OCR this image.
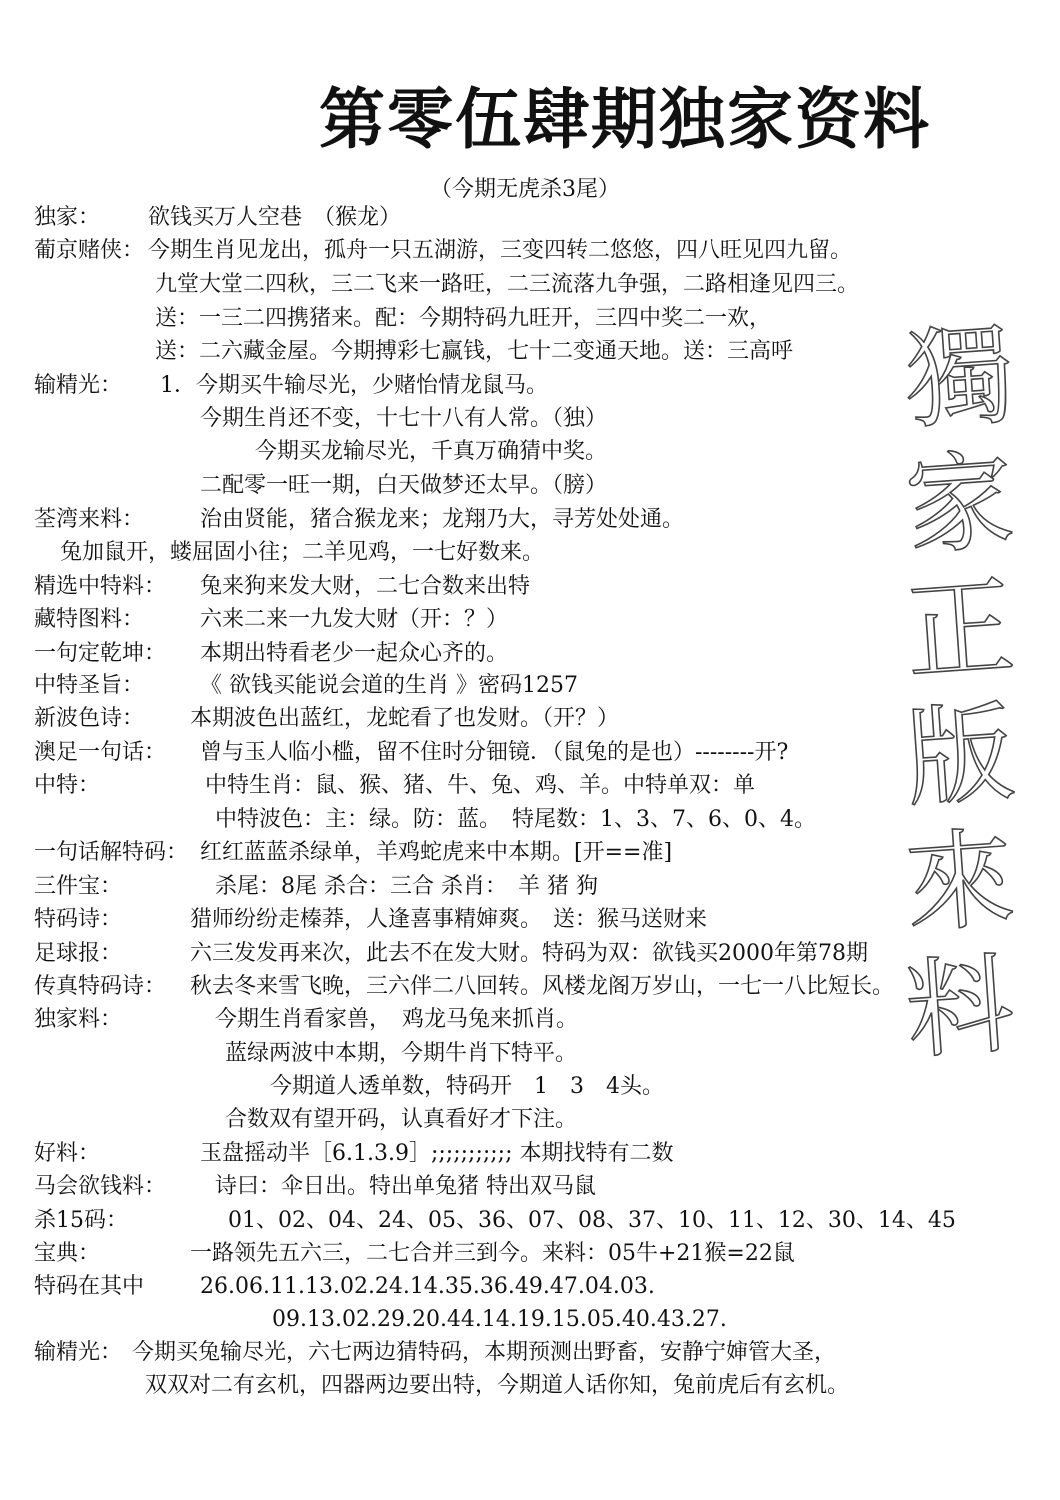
第零伍肆期独家资料
（今期无虎杀3尾）
獨
家
正
版
來
料
独家： 欲钱买万人空巷　（猴龙）
葡京赌侠： 今期生肖见龙出，孤舟一只五湖游，三变四转二悠悠，四八旺见四九留。
九堂大堂二四秋，三二飞来一路旺，二三流落九争强，二路相逢见四三。
送：一三二四携猪来。配：今期特码九旺开，三四中奖二一欢，
送：二六藏金屋。今期搏彩七赢钱，七十二变通天地。送：三高呼
输精光： 1．今期买牛输尽光，少赌怡情龙鼠马。
今期生肖还不变，十七十八有人常。（独）
今期买龙输尽光，千真万确猜中奖。
二配零一旺一期，白天做梦还太早。（膀）
荃湾来料：	治由贤能，猪合猴龙来；龙翔乃大，寻芳处处通。
兔加鼠开，蝼屈固小往；二羊见鸡，一七好数来。
精选中特料： 兔来狗来发大财，二七合数来出特
藏特图料：	六来二来一九发大财（开：？）
一句定乾坤： 本期出特看老少一起众心齐的。
中特圣旨：	《 欲钱买能说会道的生肖 》密码1257
新波色诗： 本期波色出蓝红，龙蛇看了也发财。（开？）
澳足一句话： 曾与玉人临小槛，留不住时分钿镜．（鼠兔的是也）--------开?
中特：	中特生肖：鼠、猴、猪、牛、兔、鸡、羊。中特单双：单
中特波色：主：绿。防：蓝。　特尾数：1、3、7、6、0、4。
一句话解特码： 红红蓝蓝杀绿单，羊鸡蛇虎来中本期。[开==准]
三件宝：	杀尾：8尾 杀合：三合 杀肖：　羊 猪 狗
特码诗：	猎师纷纷走榛莽，人逢喜事精婶爽。　送：猴马送财来
足球报：	六三发发再来次，此去不在发大财。特码为双：欲钱买2000年第78期
传真特码诗： 秋去冬来雪飞晚，三六伴二八回转。风楼龙阁万岁山，一七一八比短长。
独家料：	今期生肖看家兽，　鸡龙马兔来抓肖。
蓝绿两波中本期，今期牛肖下特平。
今期道人透单数，特码开　1　3　4头。
合数双有望开码，认真看好才下注。
好料：	玉盘摇动半［6.1.3.9］;;;;;;;;;;; 本期找特有二数
马会欲钱料： 诗曰：伞日出。特出单兔猪 特出双马鼠
杀15码：	01、02、04、24、05、36、07、08、37、10、11、12、30、14、45
宝典：	一路领先五六三，二七合并三到今。来料：05牛+21猴=22鼠
特码在其中	26.06.11.13.02.24.14.35.36.49.47.04.03.
09.13.02.29.20.44.14.19.15.05.40.43.27.
输精光： 今期买兔输尽光，六七两边猜特码，本期预测出野畜，安静宁婶管大圣，
双双对二有玄机，四器两边要出特，今期道人话你知，兔前虎后有玄机。
